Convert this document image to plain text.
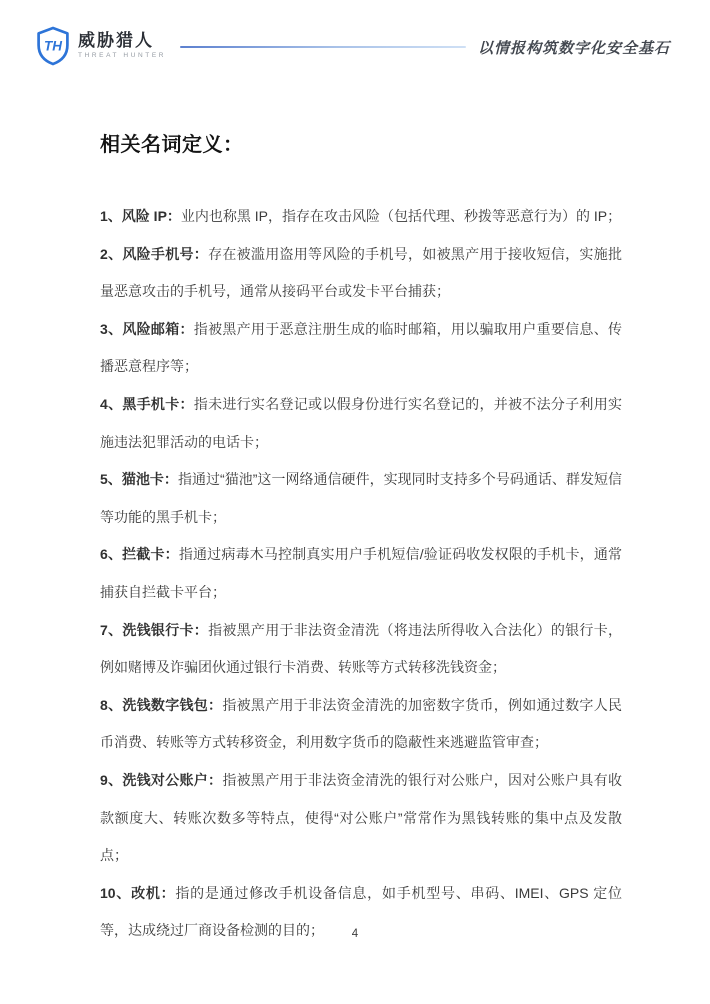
TH 威胁猎人
THREAT HUNTER	以情报构筑数字化安全基石
相关名词定义：

1、风险 IP：业内也称黑 IP，指存在攻击风险（包括代理、秒拨等恶意行为）的 IP；

2、风险手机号：存在被滥用盗用等风险的手机号，如被黑产用于接收短信，实施批量恶意攻击的手机号，通常从接码平台或发卡平台捕获；

3、风险邮箱：指被黑产用于恶意注册生成的临时邮箱，用以骗取用户重要信息、传播恶意程序等；

4、黑手机卡：指未进行实名登记或以假身份进行实名登记的，并被不法分子利用实施违法犯罪活动的电话卡；

5、猫池卡：指通过“猫池”这一网络通信硬件，实现同时支持多个号码通话、群发短信等功能的黑手机卡；

6、拦截卡：指通过病毒木马控制真实用户手机短信/验证码收发权限的手机卡，通常捕获自拦截卡平台；

7、洗钱银行卡：指被黑产用于非法资金清洗（将违法所得收入合法化）的银行卡，例如赌博及诈骗团伙通过银行卡消费、转账等方式转移洗钱资金；

8、洗钱数字钱包：指被黑产用于非法资金清洗的加密数字货币，例如通过数字人民币消费、转账等方式转移资金，利用数字货币的隐蔽性来逃避监管审查；

9、洗钱对公账户：指被黑产用于非法资金清洗的银行对公账户，因对公账户具有收款额度大、转账次数多等特点，使得“对公账户”常常作为黑钱转账的集中点及发散点；

10、改机：指的是通过修改手机设备信息，如手机型号、串码、IMEI、GPS 定位等，达成绕过厂商设备检测的目的；	4
